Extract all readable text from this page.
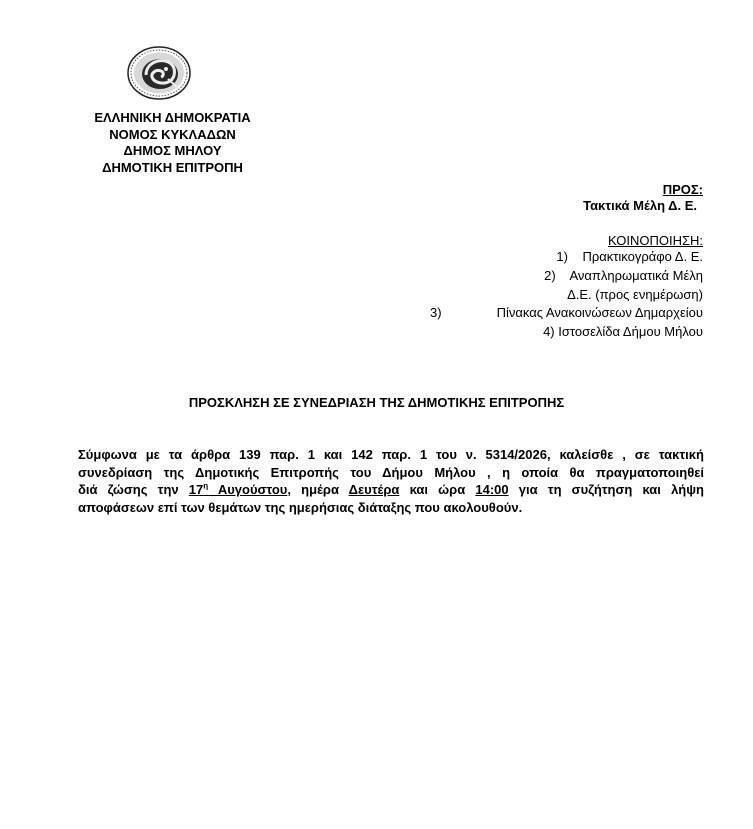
ΕΛΛΗΝΙΚΗ ΔΗΜΟΚΡΑΤΙΑ
ΝΟΜΟΣ ΚΥΚΛΑΔΩΝ
ΔΗΜΟΣ ΜΗΛΟΥ
ΔΗΜΟΤΙΚΗ ΕΠΙΤΡΟΠΗ
ΠΡΟΣ:
Τακτικά Μέλη Δ. Ε.
ΚΟΙΝΟΠΟΙΗΣΗ:
1) Πρακτικογράφο Δ. Ε.
2) Αναπληρωματικά Μέλη
Δ.Ε. (προς ενημέρωση)
3)	Πίνακας Ανακοινώσεων Δημαρχείου
4) Ιστοσελίδα Δήμου Μήλου
ΠΡΟΣΚΛΗΣΗ ΣΕ ΣΥΝΕΔΡΙΑΣΗ ΤΗΣ ΔΗΜΟΤΙΚΗΣ ΕΠΙΤΡΟΠΗΣ
Σύμφωνα με τα άρθρα 139 παρ. 1 και 142 παρ. 1 του ν. 5314/2026, καλείσθε , σε τακτική
συνεδρίαση της Δημοτικής Επιτροπής του Δήμου Μήλου , η οποία θα πραγματοποιηθεί
διά ζώσης την $17^\eta$ Αυγούστου, ημέρα Δευτέρα και ώρα 14:00 για τη συζήτηση και λήψη
αποφάσεων επί των θεμάτων της ημερήσιας διάταξης που ακολουθούν.
